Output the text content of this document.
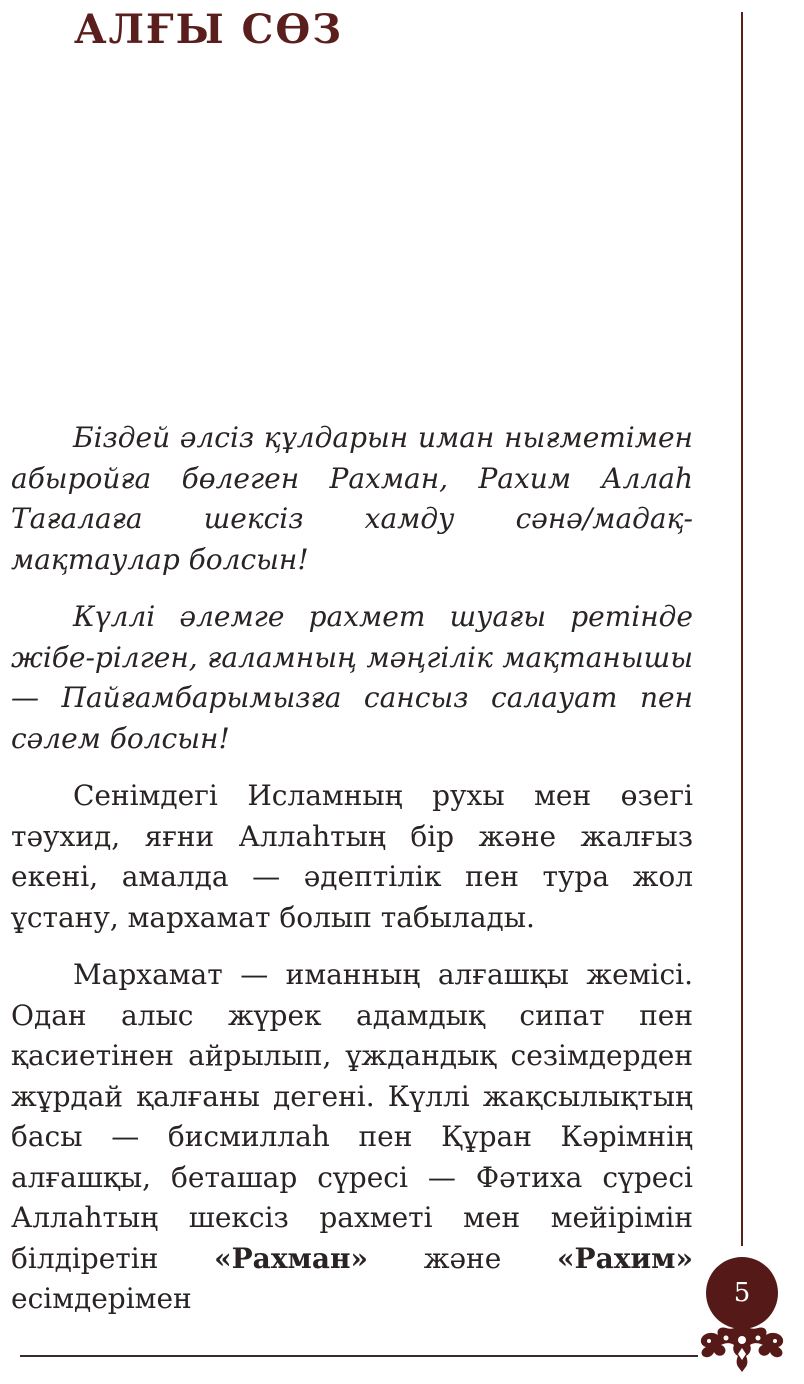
АЛҒЫ СӨЗ

Біздей әлсіз құлдарын иман нығметімен абыройға бөлеген Рахман, Рахим Аллаһ Тағалаға шексіз хамду сәнә/мадақ-мақтаулар болсын!

Күллі әлемге рахмет шуағы ретінде жібе-рілген, ғаламның мәңгілік мақтанышы — Пайғамбарымызға сансыз салауат пен сәлем болсын!

Сенімдегі Исламның рухы мен өзегі тәухид, яғни Аллаһтың бір және жалғыз екені, амалда — әдептілік пен тура жол ұстану, мархамат болып табылады.

Мархамат — иманның алғашқы жемісі. Одан алыс жүрек адамдық сипат пен қасиетінен айрылып, ұждандық сезімдерден жұрдай қалғаны дегені. Күллі жақсылықтың басы — бисмиллаһ пен Құран Кәрімнің алғашқы, беташар сүресі — Фәтиха сүресі Аллаһтың шексіз рахметі мен мейірімін білдіретін «Рахман» және «Рахим» есімдерімен	5
